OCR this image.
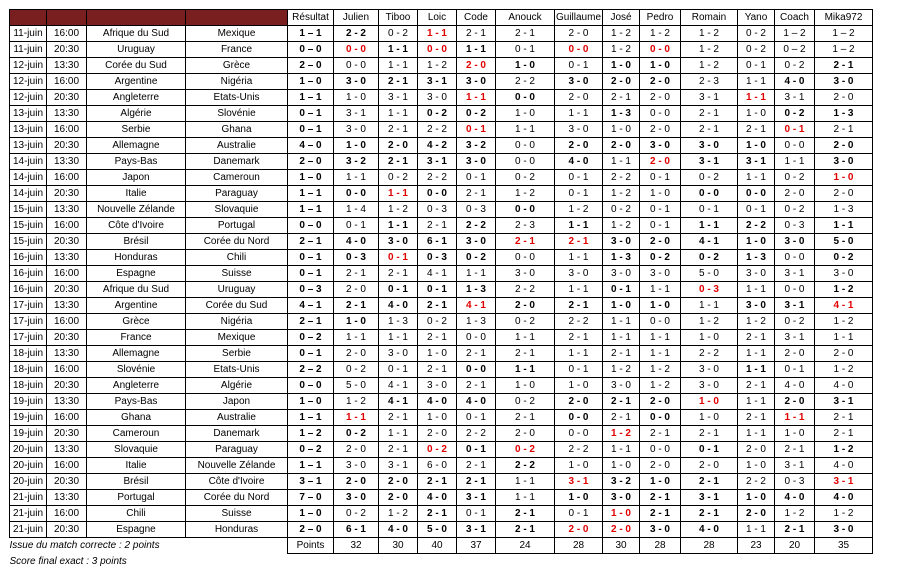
				Résultat	Julien	Tiboo	Loic	Code	Anouck	Guillaume	José	Pedro	Romain	Yano	Coach	Mika972
11-juin	16:00	Afrique du Sud	Mexique	1 – 1	2 - 2	0 - 2	1 - 1	2 - 1	2 - 1	2 - 0	1 - 2	1 - 2	1 - 2	0 - 2	1 – 2	1 – 2
11-juin	20:30	Uruguay	France	0 – 0	0 - 0	1 - 1	0 - 0	1 - 1	0 - 1	0 - 0	1 - 2	0 - 0	1 - 2	0 - 2	0 – 2	1 – 2
12-juin	13:30	Corée du Sud	Grèce	2 – 0	0 - 0	1 - 1	1 - 2	2 - 0	1 - 0	0 - 1	1 - 0	1 - 0	1 - 2	0 - 1	0 - 2	2 - 1
12-juin	16:00	Argentine	Nigéria	1 – 0	3 - 0	2 - 1	3 - 1	3 - 0	2 - 2	3 - 0	2 - 0	2 - 0	2 - 3	1 - 1	4 - 0	3 - 0
12-juin	20:30	Angleterre	Etats-Unis	1 – 1	1 - 0	3 - 1	3 - 0	1 - 1	0 - 0	2 - 0	2 - 1	2 - 0	3 - 1	1 - 1	3 - 1	2 - 0
13-juin	13:30	Algérie	Slovénie	0 – 1	3 - 1	1 - 1	0 - 2	0 - 2	1 - 0	1 - 1	1 - 3	0 - 0	2 - 1	1 - 0	0 - 2	1 - 3
13-juin	16:00	Serbie	Ghana	0 – 1	3 - 0	2 - 1	2 - 2	0 - 1	1 - 1	3 - 0	1 - 0	2 - 0	2 - 1	2 - 1	0 - 1	2 - 1
13-juin	20:30	Allemagne	Australie	4 – 0	1 - 0	2 - 0	4 - 2	3 - 2	0 - 0	2 - 0	2 - 0	3 - 0	3 - 0	1 - 0	0 - 0	2 - 0
14-juin	13:30	Pays-Bas	Danemark	2 – 0	3 - 2	2 - 1	3 - 1	3 - 0	0 - 0	4 - 0	1 - 1	2 - 0	3 - 1	3 - 1	1 - 1	3 - 0
14-juin	16:00	Japon	Cameroun	1 – 0	1 - 1	0 - 2	2 - 2	0 - 1	0 - 2	0 - 1	2 - 2	0 - 1	0 - 2	1 - 1	0 - 2	1 - 0
14-juin	20:30	Italie	Paraguay	1 – 1	0 - 0	1 - 1	0 - 0	2 - 1	1 - 2	0 - 1	1 - 2	1 - 0	0 - 0	0 - 0	2 - 0	2 - 0
15-juin	13:30	Nouvelle Zélande	Slovaquie	1 – 1	1 - 4	1 - 2	0 - 3	0 - 3	0 - 0	1 - 2	0 - 2	0 - 1	0 - 1	0 - 1	0 - 2	1 - 3
15-juin	16:00	Côte d'Ivoire	Portugal	0 – 0	0 - 1	1 - 1	2 - 1	2 - 2	2 - 3	1 - 1	1 - 2	0 - 1	1 - 1	2 - 2	0 - 3	1 - 1
15-juin	20:30	Brésil	Corée du Nord	2 – 1	4 - 0	3 - 0	6 - 1	3 - 0	2 - 1	2 - 1	3 - 0	2 - 0	4 - 1	1 - 0	3 - 0	5 - 0
16-juin	13:30	Honduras	Chili	0 – 1	0 - 3	0 - 1	0 - 3	0 - 2	0 - 0	1 - 1	1 - 3	0 - 2	0 - 2	1 - 3	0 - 0	0 - 2
16-juin	16:00	Espagne	Suisse	0 – 1	2 - 1	2 - 1	4 - 1	1 - 1	3 - 0	3 - 0	3 - 0	3 - 0	5 - 0	3 - 0	3 - 1	3 - 0
16-juin	20:30	Afrique du Sud	Uruguay	0 – 3	2 - 0	0 - 1	0 - 1	1 - 3	2 - 2	1 - 1	0 - 1	1 - 1	0 - 3	1 - 1	0 - 0	1 - 2
17-juin	13:30	Argentine	Corée du Sud	4 – 1	2 - 1	4 - 0	2 - 1	4 - 1	2 - 0	2 - 1	1 - 0	1 - 0	1 - 1	3 - 0	3 - 1	4 - 1
17-juin	16:00	Grèce	Nigéria	2 – 1	1 - 0	1 - 3	0 - 2	1 - 3	0 - 2	2 - 2	1 - 1	0 - 0	1 - 2	1 - 2	0 - 2	1 - 2
17-juin	20:30	France	Mexique	0 – 2	1 - 1	1 - 1	2 - 1	0 - 0	1 - 1	2 - 1	1 - 1	1 - 1	1 - 0	2 - 1	3 - 1	1 - 1
18-juin	13:30	Allemagne	Serbie	0 – 1	2 - 0	3 - 0	1 - 0	2 - 1	2 - 1	1 - 1	2 - 1	1 - 1	2 - 2	1 - 1	2 - 0	2 - 0
18-juin	16:00	Slovénie	Etats-Unis	2 – 2	0 - 2	0 - 1	2 - 1	0 - 0	1 - 1	0 - 1	1 - 2	1 - 2	3 - 0	1 - 1	0 - 1	1 - 2
18-juin	20:30	Angleterre	Algérie	0 – 0	5 - 0	4 - 1	3 - 0	2 - 1	1 - 0	1 - 0	3 - 0	1 - 2	3 - 0	2 - 1	4 - 0	4 - 0
19-juin	13:30	Pays-Bas	Japon	1 – 0	1 - 2	4 - 1	4 - 0	4 - 0	0 - 2	2 - 0	2 - 1	2 - 0	1 - 0	1 - 1	2 - 0	3 - 1
19-juin	16:00	Ghana	Australie	1 – 1	1 - 1	2 - 1	1 - 0	0 - 1	2 - 1	0 - 0	2 - 1	0 - 0	1 - 0	2 - 1	1 - 1	2 - 1
19-juin	20:30	Cameroun	Danemark	1 – 2	0 - 2	1 - 1	2 - 0	2 - 2	2 - 0	0 - 0	1 - 2	2 - 1	2 - 1	1 - 1	1 - 0	2 - 1
20-juin	13:30	Slovaquie	Paraguay	0 – 2	2 - 0	2 - 1	0 - 2	0 - 1	0 - 2	2 - 2	1 - 1	0 - 0	0 - 1	2 - 0	2 - 1	1 - 2
20-juin	16:00	Italie	Nouvelle Zélande	1 – 1	3 - 0	3 - 1	6 - 0	2 - 1	2 - 2	1 - 0	1 - 0	2 - 0	2 - 0	1 - 0	3 - 1	4 - 0
20-juin	20:30	Brésil	Côte d'Ivoire	3 – 1	2 - 0	2 - 0	2 - 1	2 - 1	1 - 1	3 - 1	3 - 2	1 - 0	2 - 1	2 - 2	0 - 3	3 - 1
21-juin	13:30	Portugal	Corée du Nord	7 – 0	3 - 0	2 - 0	4 - 0	3 - 1	1 - 1	1 - 0	3 - 0	2 - 1	3 - 1	1 - 0	4 - 0	4 - 0
21-juin	16:00	Chili	Suisse	1 – 0	0 - 2	1 - 2	2 - 1	0 - 1	2 - 1	0 - 1	1 - 0	2 - 1	2 - 1	2 - 0	1 - 2	1 - 2
21-juin	20:30	Espagne	Honduras	2 – 0	6 - 1	4 - 0	5 - 0	3 - 1	2 - 1	2 - 0	2 - 0	3 - 0	4 - 0	1 - 1	2 - 1	3 - 0
Issue du match correcte : 2 points				Points	32	30	40	37	24	28	30	28	28	23	20	35
Score final exact : 3 points																
